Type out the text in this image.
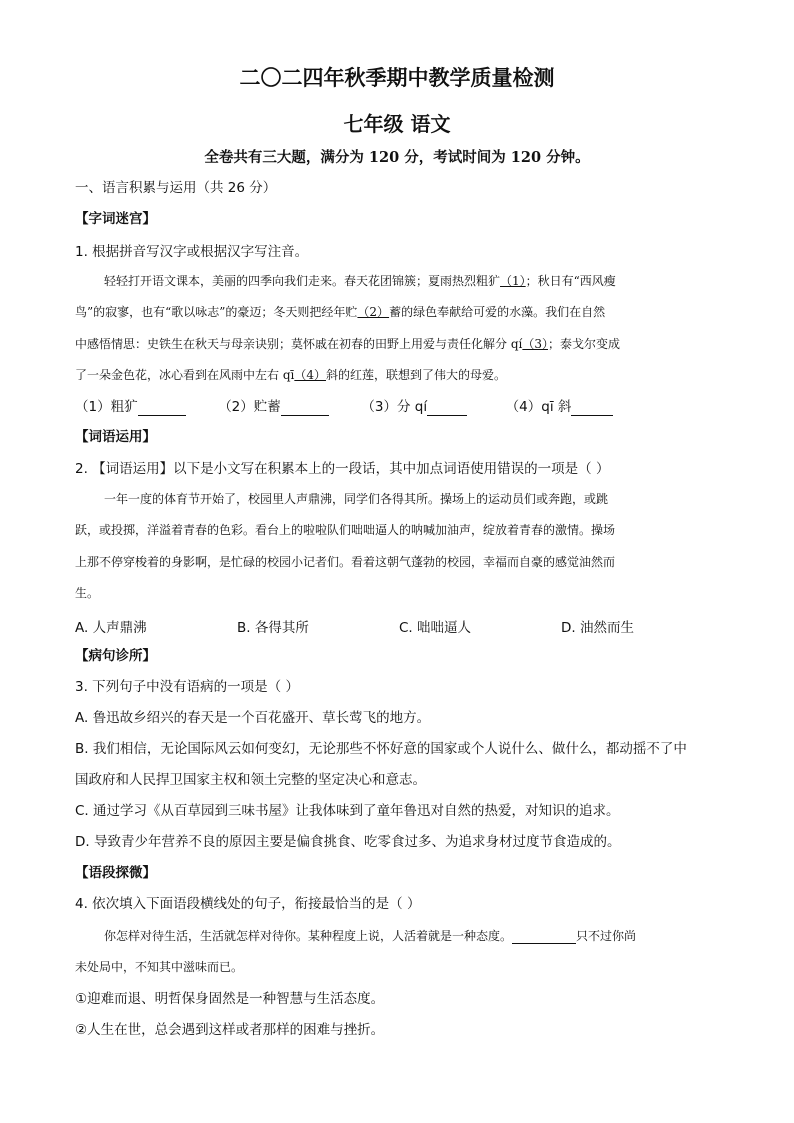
二〇二四年秋季期中教学质量检测
七年级 语文
全卷共有三大题，满分为 120 分，考试时间为 120 分钟。
一、语言积累与运用（共 26 分）
【字词迷宫】
1. 根据拼音写汉字或根据汉字写注音。
轻轻打开语文课本，美丽的四季向我们走来。春天花团锦簇；夏雨热烈粗犷（1）；秋日有“西风瘦
鸟”的寂寥，也有“歌以咏志”的豪迈；冬天则把经年贮（2）蓄的绿色奉献给可爱的水藻。我们在自然
中感悟情思：史铁生在秋天与母亲诀别；莫怀戚在初春的田野上用爱与责任化解分 qí（3）；泰戈尔变成
了一朵金色花，冰心看到在风雨中左右 qī（4）斜的红莲，联想到了伟大的母爱。
（1）粗犷	（2）贮蓄	（3）分 qí	（4）qī 斜
【词语运用】
2. 【词语运用】以下是小文写在积累本上的一段话，其中加点词语使用错误的一项是（ ）
一年一度的体育节开始了，校园里人声鼎沸，同学们各得其所。操场上的运动员们或奔跑，或跳
跃，或投掷，洋溢着青春的色彩。看台上的啦啦队们咄咄逼人的呐喊加油声，绽放着青春的激情。操场
上那不停穿梭着的身影啊，是忙碌的校园小记者们。看着这朝气蓬勃的校园，幸福而自豪的感觉油然而
生。
A. 人声鼎沸	B. 各得其所	C. 咄咄逼人	D. 油然而生
【病句诊所】
3. 下列句子中没有语病的一项是（ ）
A. 鲁迅故乡绍兴的春天是一个百花盛开、草长莺飞的地方。
B. 我们相信，无论国际风云如何变幻，无论那些不怀好意的国家或个人说什么、做什么，都动摇不了中
国政府和人民捍卫国家主权和领土完整的坚定决心和意志。
C. 通过学习《从百草园到三味书屋》让我体味到了童年鲁迅对自然的热爱，对知识的追求。
D. 导致青少年营养不良的原因主要是偏食挑食、吃零食过多、为追求身材过度节食造成的。
【语段探微】
4. 依次填入下面语段横线处的句子，衔接最恰当的是（ ）
你怎样对待生活，生活就怎样对待你。某种程度上说，人活着就是一种态度。	只不过你尚
未处局中，不知其中滋味而已。
①迎难而退、明哲保身固然是一种智慧与生活态度。
②人生在世，总会遇到这样或者那样的困难与挫折。
